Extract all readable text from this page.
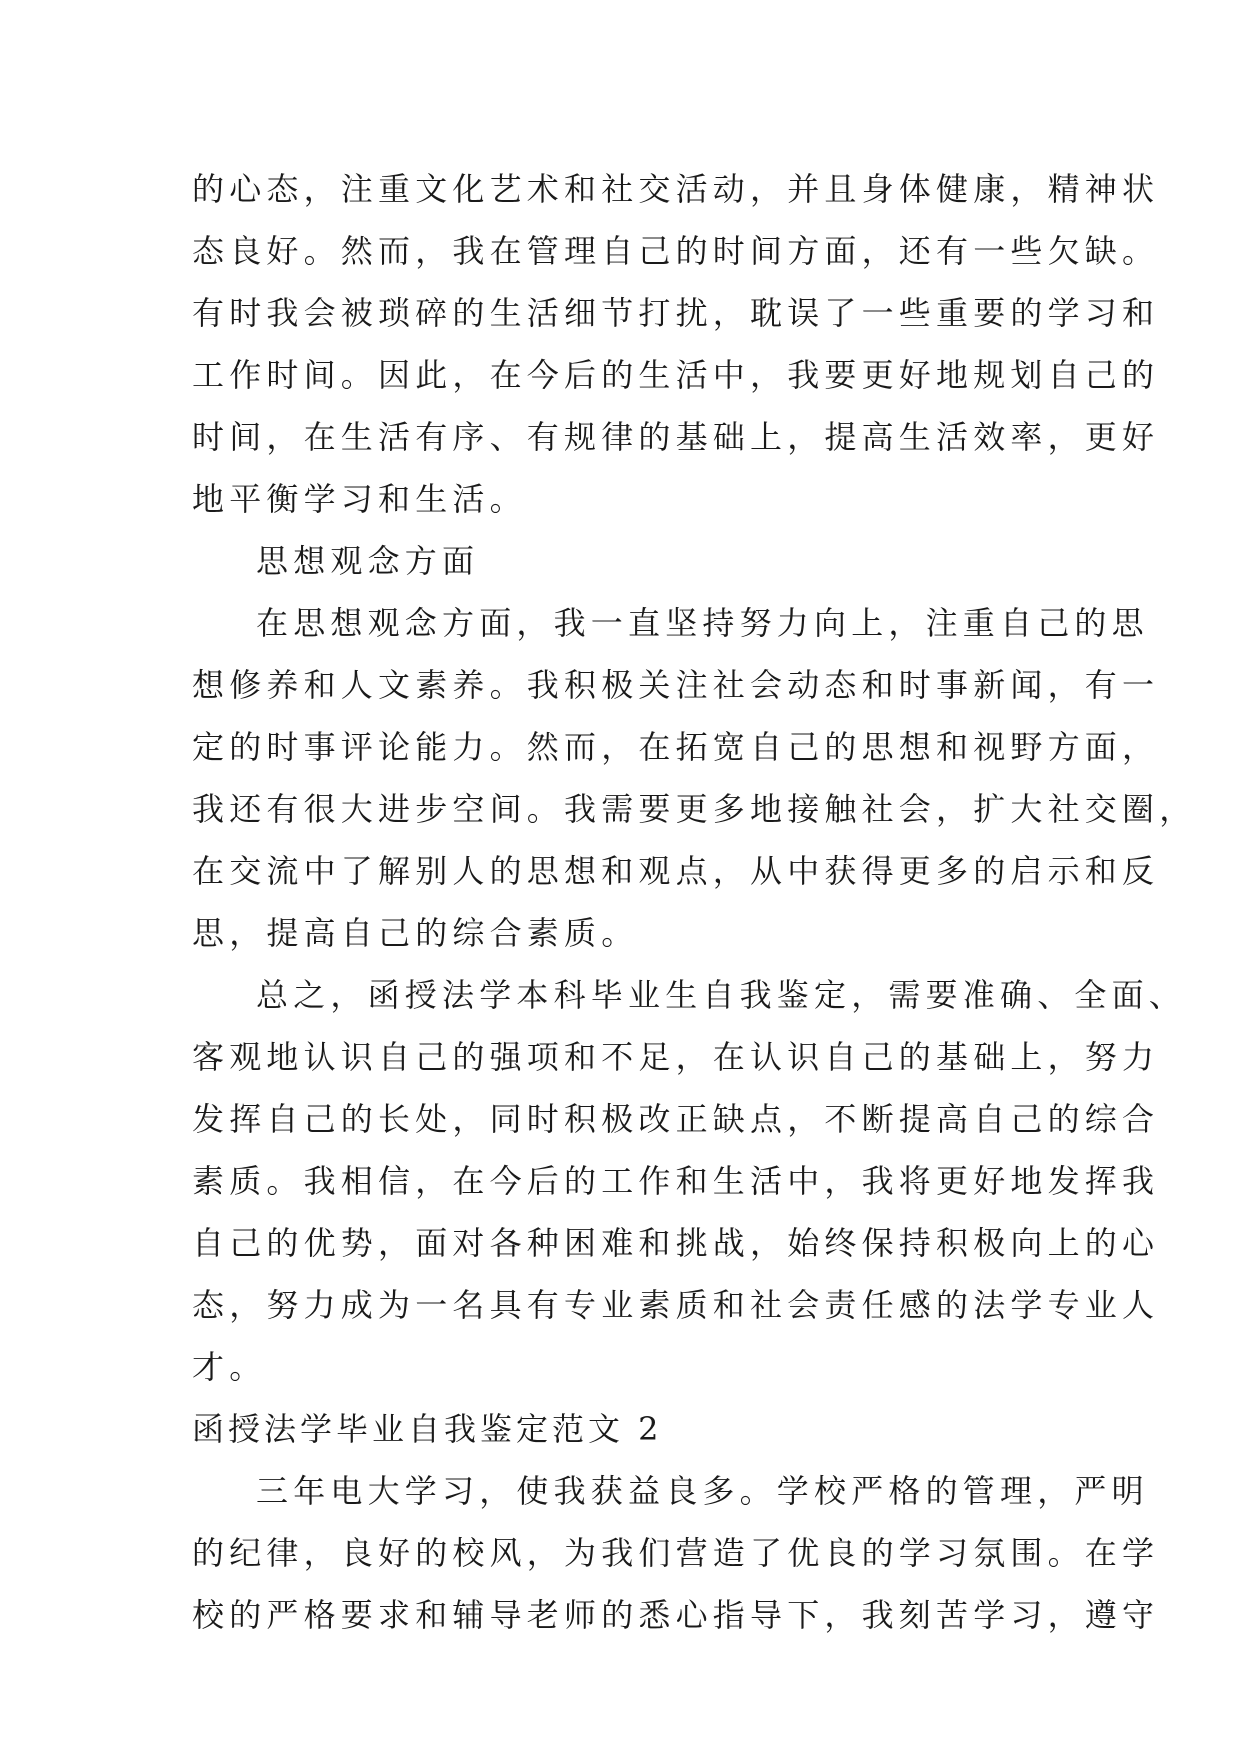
的心态，注重文化艺术和社交活动，并且身体健康，精神状
态良好。然而，我在管理自己的时间方面，还有一些欠缺。
有时我会被琐碎的生活细节打扰，耽误了一些重要的学习和
工作时间。因此，在今后的生活中，我要更好地规划自己的
时间，在生活有序、有规律的基础上，提高生活效率，更好
地平衡学习和生活。
思想观念方面
在思想观念方面，我一直坚持努力向上，注重自己的思
想修养和人文素养。我积极关注社会动态和时事新闻，有一
定的时事评论能力。然而，在拓宽自己的思想和视野方面，
我还有很大进步空间。我需要更多地接触社会，扩大社交圈，
在交流中了解别人的思想和观点，从中获得更多的启示和反
思，提高自己的综合素质。
总之，函授法学本科毕业生自我鉴定，需要准确、全面、
客观地认识自己的强项和不足，在认识自己的基础上，努力
发挥自己的长处，同时积极改正缺点，不断提高自己的综合
素质。我相信，在今后的工作和生活中，我将更好地发挥我
自己的优势，面对各种困难和挑战，始终保持积极向上的心
态，努力成为一名具有专业素质和社会责任感的法学专业人
才。
函授法学毕业自我鉴定范文 2
三年电大学习，使我获益良多。学校严格的管理，严明
的纪律，良好的校风，为我们营造了优良的学习氛围。在学
校的严格要求和辅导老师的悉心指导下，我刻苦学习，遵守
